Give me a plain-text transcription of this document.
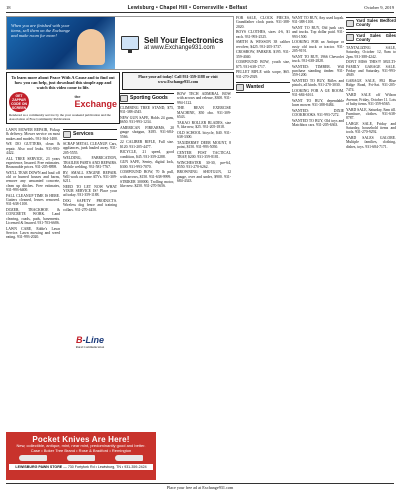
18	Lewisburg • Chapel Hill • Cornersville • Belfast	October 9, 2019
When you are finished with your items, sell them on the Exchange and make room for more!	Sell Your Electronics
at www.Exchange931.com
To learn more about Peace With A Cause and to find out how you can help, just download this simple app and watch this video come to life.
GET ZAPPAR CODE ON SCREEN
the
Exchange
Rendered as a community service by the your weekend publication and the Association of Free Community Publications
Place your ad today! Call 931-359-1188 or visit www.Exchange931.com

LAWN MOWER REPAIR, Pickup & delivery. Mower service on most makes and models. 931-364-1400.

WE DO GUTTERS, clean & repair. Also roof leaks. 931-993-4422.

ALL TREE SERVICE, 23 years experience, Insured. Free estimates. Reasonable prices. 931-205-8898.

WE'LL TEAR DOWN and haul off old or burned houses and barns, remove any unwanted concrete, clean up ditches. Free estimates, 931-993-6400.

FALL CLEANUP TIME IS HERE. Gutters cleaned, leaves removed. 931-638-1100.

DOZER, TRACKHOE & CONCRETE WORK. Land clearing, roads, pads, basements. Licensed & Insured. 931-703-6686.

LAWN CARE, Eddie's Lawn Service. Lawn mowing and weed eating. 931-993-2020.

Services

SCRAP METAL CLEANUP. Cars, appliances, junk hauled away. 931-205-5555.

WELDING, FABRICATION, TRAILER PARTS AND REPAIRS. Mobile welding. 931-581-7767.

RV, SMALL ENGINE REPAIR. Will work on some ATVs. 931-309-6211.

NEED TO LET NOW WHAT YOUR SERVICE IS? Place your ad today. 931-359-1188.

DOG SAFETY PRODUCTS. Wireless dog fence and training collars. 931-270-4450.

B-Line
Rural Communication
Sporting Goods

CLIMBING TREE STAND, $75, 931-388-4545.

NEW GUN SAFE, Holds 24 guns, $650. 931-993-1234.

AMERICAN FIREARMS, 20 gauge shotgun, $185. 931-684-5566.

22 CALIBER RIFLE, Full size. $120. 931-205-4477.

BICYCLE, 21 speed, good condition, $45. 931-359-2288.

GUN SAFE, Sentry, digital lock, $300. 931-993-7070.

COMPOUND BOW, 70 lb pull, with arrows, $150. 931-638-9999.

STRIKER 300000, Trolling motor, like new. $250. 931-270-5656.

BOW TECH ADMIRAL BOW with arrows and release, $300. 931-994-1122.

THE BEAN EXERCISE MACHINE, $50 obo. 931-309-6543.

TAKAO ROLLER BLADES, size 9, like new, $25. 931-205-1818.

OLD SCHOOL bicycle, $40. 931-638-3300.

TAXIDERMY DEER MOUNT, 8 point, $150. 931-993-5050.

CENTER POST TACTICAL TRAP, $200. 931-359-8181.

WINCHESTER 30-30, pre-64, $550. 931-270-6262.

BROWNING SHOTGUN, 12 gauge, over and under, $900. 931-684-4343.

FOR SALE, CLOCK PIECES, Grandfather clock parts. 931-388-2020.

BOYS CLOTHES, sizes 4-6, $1 each. 931-993-2525.

SMITH & WESSON 38 caliber revolver, $425. 931-205-3737.

CROSBOW, PARKER. $195. 931-359-4040.

COMPOUND BOW, youth size, $75. 931-638-1717.

PELLET RIFLE with scope, $65. 931-270-2929.

Wanted

WANT TO BUY, Any used kayak. 931-388-1100.

WANT TO BUY, Old junk cars and trucks. Top dollar paid. 931-993-1500.

LOOKING FOR an Antique or rusty old truck or tractor. 931-205-9191.

WANT TO BUY, 1966 Chevrolet truck. 931-638-2828.

WANTED: TIMBER. Will purchase standing timber. 931-359-1200.

WANTED TO BUY, Rifles and pistols, all kinds. 931-270-3030.

LOOKING FOR A GE ROOM. 931-684-6161.

WANT TO BUY, dependable lawn mower. 931-388-8484.

WANTED: DIXIE COOKBOOKS. 931-993-7272.

WANTED TO BUY, Old toys and Matchbox cars. 931-205-6363.

Yard Sales Bedford County
Yard Sales Giles County

TANTALIZING SALE, Saturday, October 12, 8am to 2pm. 931-388-4242.

DONT MISS THIS!!! MULTI-FAMILY GARAGE SALE. Friday and Saturday. 931-993-4949.

GARAGE SALE, 892 Blue Ridge Road, Fri-Sat. 931-205-7474.

YARD SALE off Wilson Avenue, Friday, October 11. Lots of baby items. 931-359-6565.

YARD SALE, Saturday, 8am till. Furniture, clothes. 931-638-8787.

LARGE SALE, Friday and Saturday, household items and tools. 931-270-9292.

YARD SALES GALORE. Multiple families, clothing, dishes, toys. 931-684-7171.

Pocket Knives Are Here!
New, collectible, antique, mint, near mint, predominantly good and better.
Case • Boker Tree Brand • Rose & Bradford • Remington
LEWISBURG PAWN STORE — 730 Fortyfork Rd • Lewisburg, TN • 931-359-2424
Place your free ad at Exchange931.com
